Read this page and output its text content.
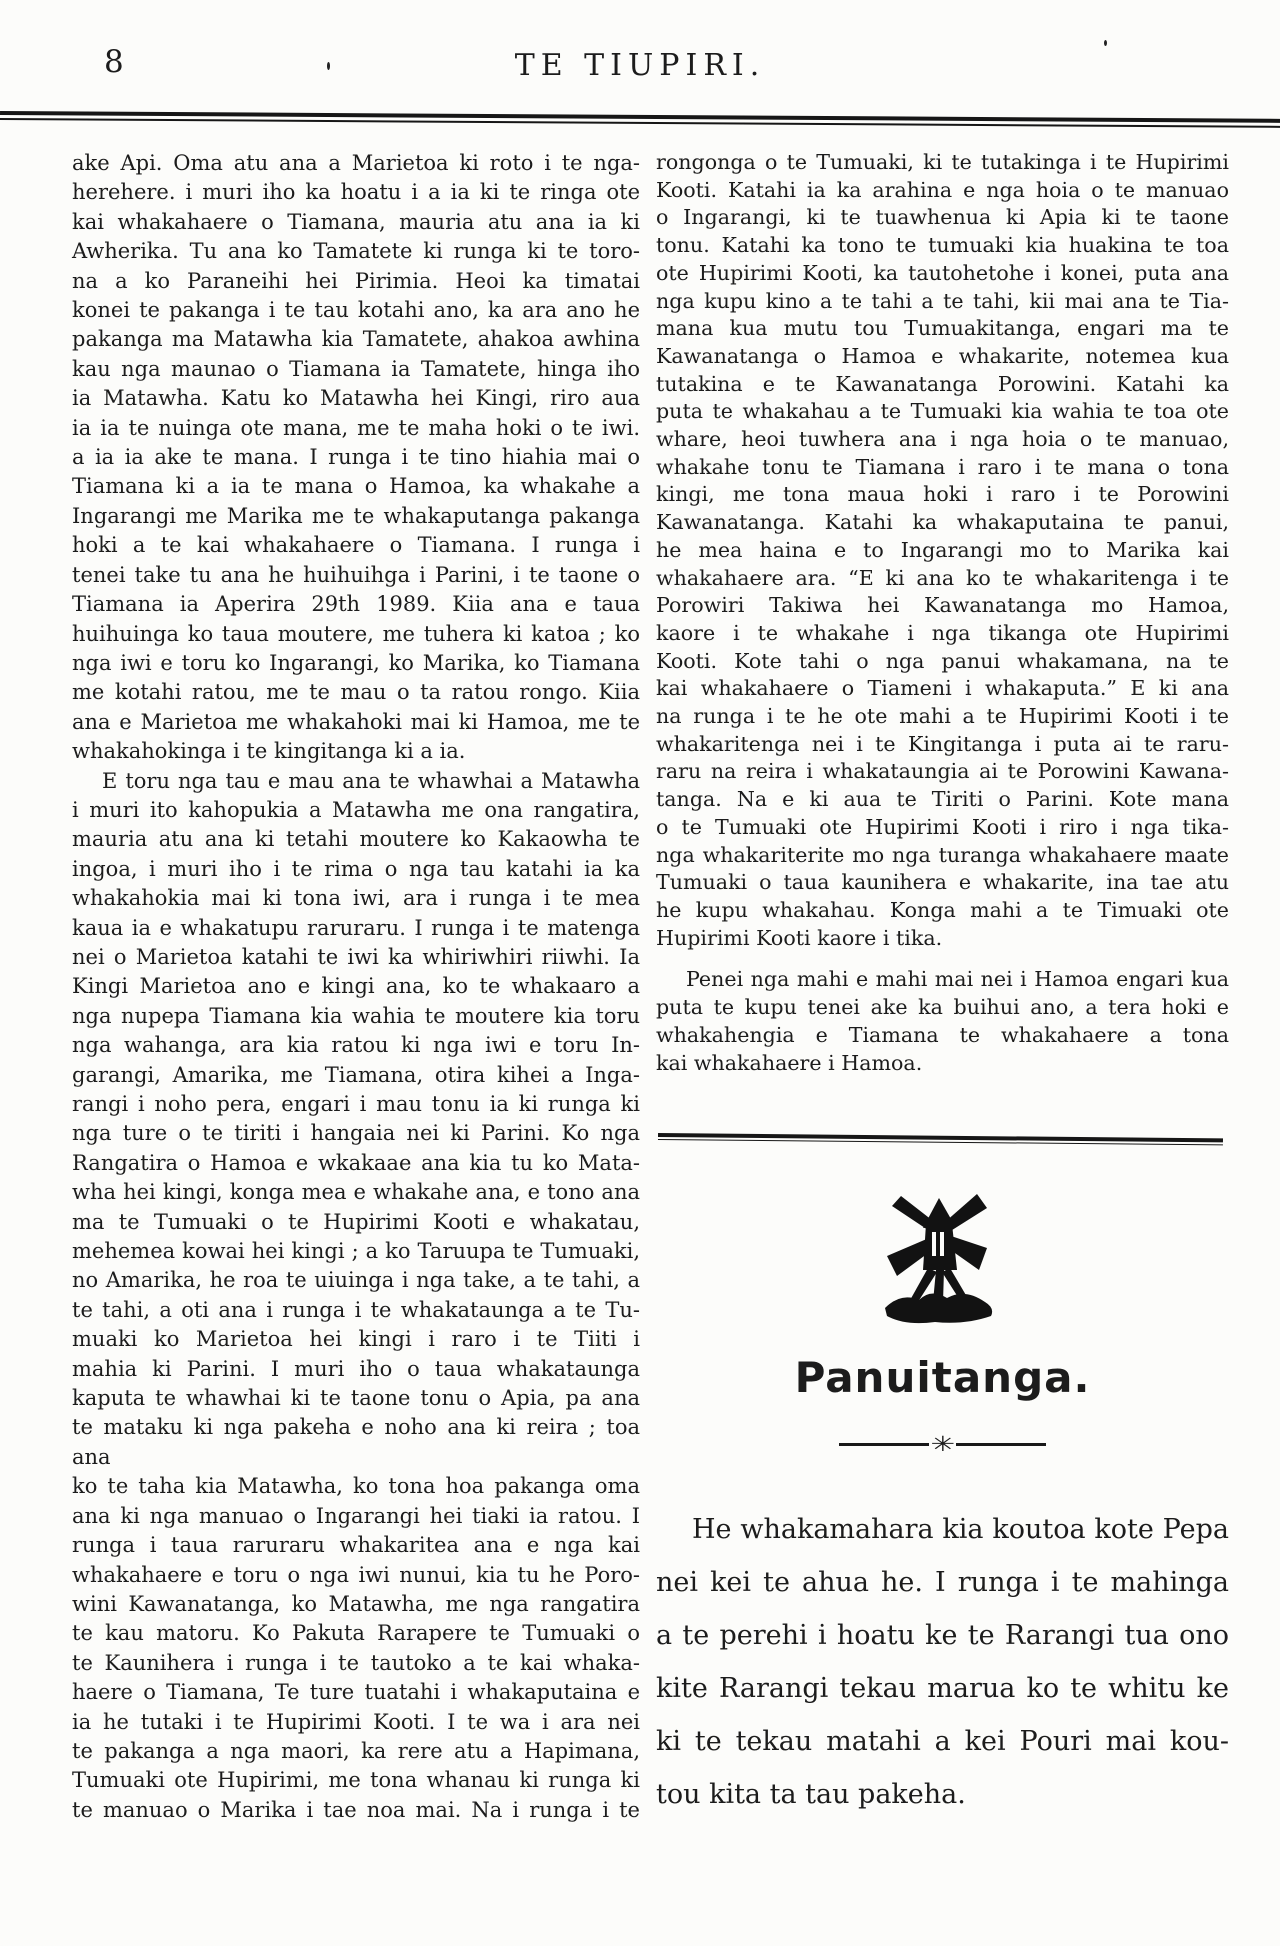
8	TE TIUPIRI.
ake Api. Oma atu ana a Marietoa ki roto i te nga-
herehere. i muri iho ka hoatu i a ia ki te ringa ote
kai whakahaere o Tiamana, mauria atu ana ia ki
Awherika. Tu ana ko Tamatete ki runga ki te toro-
na a ko Paraneihi hei Pirimia. Heoi ka timatai
konei te pakanga i te tau kotahi ano, ka ara ano he
pakanga ma Matawha kia Tamatete, ahakoa awhina
kau nga maunao o Tiamana ia Tamatete, hinga iho
ia Matawha. Katu ko Matawha hei Kingi, riro aua
ia ia te nuinga ote mana, me te maha hoki o te iwi.
a ia ia ake te mana. I runga i te tino hiahia mai o
Tiamana ki a ia te mana o Hamoa, ka whakahe a
Ingarangi me Marika me te whakaputanga pakanga
hoki a te kai whakahaere o Tiamana. I runga i
tenei take tu ana he huihuihga i Parini, i te taone o
Tiamana ia Aperira 29th 1989. Kiia ana e taua
huihuinga ko taua moutere, me tuhera ki katoa ; ko
nga iwi e toru ko Ingarangi, ko Marika, ko Tiamana
me kotahi ratou, me te mau o ta ratou rongo. Kiia
ana e Marietoa me whakahoki mai ki Hamoa, me te
whakahokinga i te kingitanga ki a ia.
E toru nga tau e mau ana te whawhai a Matawha
i muri ito kahopukia a Matawha me ona rangatira,
mauria atu ana ki tetahi moutere ko Kakaowha te
ingoa, i muri iho i te rima o nga tau katahi ia ka
whakahokia mai ki tona iwi, ara i runga i te mea
kaua ia e whakatupu raruraru. I runga i te matenga
nei o Marietoa katahi te iwi ka whiriwhiri riiwhi. Ia
Kingi Marietoa ano e kingi ana, ko te whakaaro a
nga nupepa Tiamana kia wahia te moutere kia toru
nga wahanga, ara kia ratou ki nga iwi e toru In-
garangi, Amarika, me Tiamana, otira kihei a Inga-
rangi i noho pera, engari i mau tonu ia ki runga ki
nga ture o te tiriti i hangaia nei ki Parini. Ko nga
Rangatira o Hamoa e wkakaae ana kia tu ko Mata-
wha hei kingi, konga mea e whakahe ana, e tono ana
ma te Tumuaki o te Hupirimi Kooti e whakatau,
mehemea kowai hei kingi ; a ko Taruupa te Tumuaki,
no Amarika, he roa te uiuinga i nga take, a te tahi, a
te tahi, a oti ana i runga i te whakataunga a te Tu-
muaki ko Marietoa hei kingi i raro i te Tiiti i
mahia ki Parini. I muri iho o taua whakataunga
kaputa te whawhai ki te taone tonu o Apia, pa ana
te mataku ki nga pakeha e noho ana ki reira ; toa ana
ko te taha kia Matawha, ko tona hoa pakanga oma
ana ki nga manuao o Ingarangi hei tiaki ia ratou. I
runga i taua raruraru whakaritea ana e nga kai
whakahaere e toru o nga iwi nunui, kia tu he Poro-
wini Kawanatanga, ko Matawha, me nga rangatira
te kau matoru. Ko Pakuta Rarapere te Tumuaki o
te Kaunihera i runga i te tautoko a te kai whaka-
haere o Tiamana, Te ture tuatahi i whakaputaina e
ia he tutaki i te Hupirimi Kooti. I te wa i ara nei
te pakanga a nga maori, ka rere atu a Hapimana,
Tumuaki ote Hupirimi, me tona whanau ki runga ki
te manuao o Marika i tae noa mai. Na i runga i te
rongonga o te Tumuaki, ki te tutakinga i te Hupirimi
Kooti. Katahi ia ka arahina e nga hoia o te manuao
o Ingarangi, ki te tuawhenua ki Apia ki te taone
tonu. Katahi ka tono te tumuaki kia huakina te toa
ote Hupirimi Kooti, ka tautohetohe i konei, puta ana
nga kupu kino a te tahi a te tahi, kii mai ana te Tia-
mana kua mutu tou Tumuakitanga, engari ma te
Kawanatanga o Hamoa e whakarite, notemea kua
tutakina e te Kawanatanga Porowini. Katahi ka
puta te whakahau a te Tumuaki kia wahia te toa ote
whare, heoi tuwhera ana i nga hoia o te manuao,
whakahe tonu te Tiamana i raro i te mana o tona
kingi, me tona maua hoki i raro i te Porowini
Kawanatanga. Katahi ka whakaputaina te panui,
he mea haina e to Ingarangi mo to Marika kai
whakahaere ara. “E ki ana ko te whakaritenga i te
Porowiri Takiwa hei Kawanatanga mo Hamoa,
kaore i te whakahe i nga tikanga ote Hupirimi
Kooti. Kote tahi o nga panui whakamana, na te
kai whakahaere o Tiameni i whakaputa.” E ki ana
na runga i te he ote mahi a te Hupirimi Kooti i te
whakaritenga nei i te Kingitanga i puta ai te raru-
raru na reira i whakataungia ai te Porowini Kawana-
tanga. Na e ki aua te Tiriti o Parini. Kote mana
o te Tumuaki ote Hupirimi Kooti i riro i nga tika-
nga whakariterite mo nga turanga whakahaere maate
Tumuaki o taua kaunihera e whakarite, ina tae atu
he kupu whakahau. Konga mahi a te Timuaki ote
Hupirimi Kooti kaore i tika.
Penei nga mahi e mahi mai nei i Hamoa engari kua
puta te kupu tenei ake ka buihui ano, a tera hoki e
whakahengia e Tiamana te whakahaere a tona
kai whakahaere i Hamoa.
Panuitanga.
✳
He whakamahara kia koutoa kote Pepa
nei kei te ahua he. I runga i te mahinga
a te perehi i hoatu ke te Rarangi tua ono
kite Rarangi tekau marua ko te whitu ke
ki te tekau matahi a kei Pouri mai kou-
tou kita ta tau pakeha.
